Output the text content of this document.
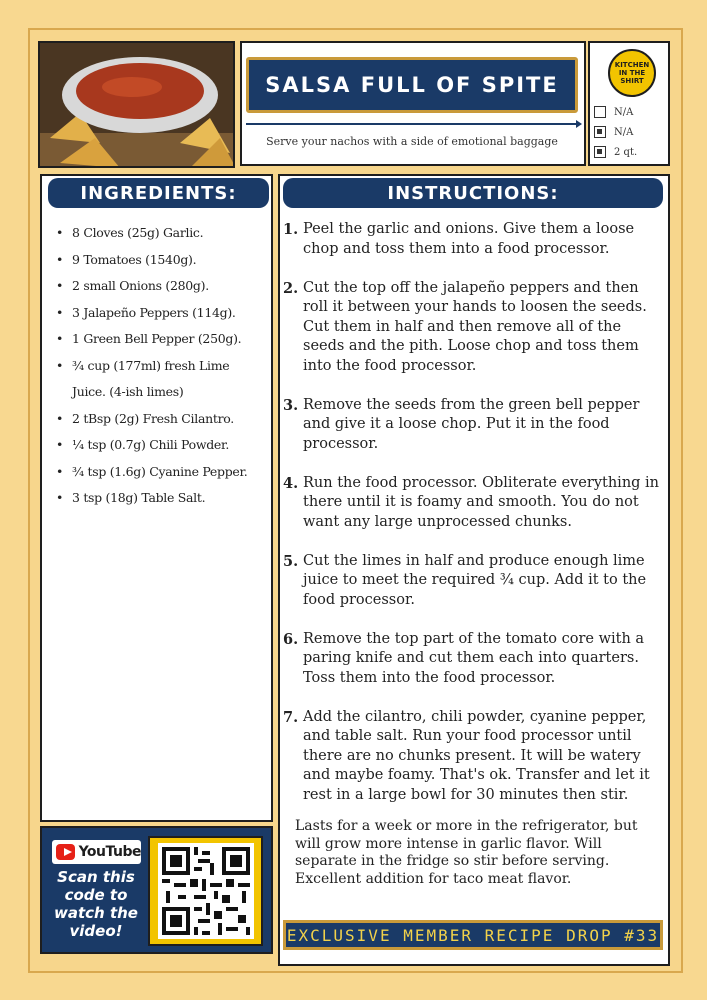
SALSA FULL OF SPITE
Serve your nachos with a side of emotional baggage
KITCHEN
IN THE
SHIRT
N/A
N/A
2 qt.
INGREDIENTS:
• 8 Cloves (25g) Garlic.
• 9 Tomatoes (1540g).
• 2 small Onions (280g).
• 3 Jalapeño Peppers (114g).
• 1 Green Bell Pepper (250g).
• ¾ cup (177ml) fresh Lime Juice. (4-ish limes)
• 2 tBsp (2g) Fresh Cilantro.
• ¼ tsp (0.7g) Chili Powder.
• ¾ tsp (1.6g) Cyanine Pepper.
• 3 tsp (18g) Table Salt.
INSTRUCTIONS:
1. Peel the garlic and onions. Give them a loose chop and toss them into a food processor.
2. Cut the top off the jalapeño peppers and then roll it between your hands to loosen the seeds. Cut them in half and then remove all of the seeds and the pith. Loose chop and toss them into the food processor.
3. Remove the seeds from the green bell pepper and give it a loose chop. Put it in the food processor.
4. Run the food processor. Obliterate everything in there until it is foamy and smooth. You do not want any large unprocessed chunks.
5. Cut the limes in half and produce enough lime juice to meet the required ¾ cup. Add it to the food processor.
6. Remove the top part of the tomato core with a paring knife and cut them each into quarters. Toss them into the food processor.
7. Add the cilantro, chili powder, cyanine pepper, and table salt. Run your food processor until there are no chunks present. It will be watery and maybe foamy. That's ok. Transfer and let it rest in a large bowl for 30 minutes then stir.
Lasts for a week or more in the refrigerator, but will grow more intense in garlic flavor. Will separate in the fridge so stir before serving. Excellent addition for taco meat flavor.
EXCLUSIVE MEMBER RECIPE DROP #33
YouTube
Scan this code to watch the video!
